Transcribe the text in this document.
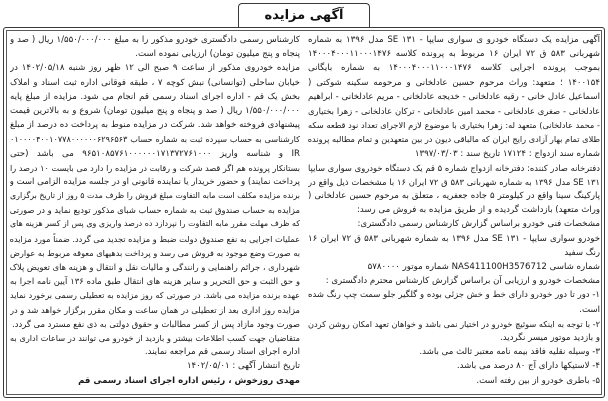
آگهی مزایده
آگهی مزایده یک دستگاه خودرو ی سواری سایپا - SE ۱۳۱ مدل ۱۳۹۶ به شماره
شهربانی ۵۸۳ ق ۷۲ ایران ۱۶ مربوط به پرونده کلاسه ۱۴۰۰۰۴۰۰۰۱۱۰۰۰۱۴۷۶
بموجب پرونده اجرایی کلاسه ۱۴۰۰۰۴۰۰۰۱۱۰۰۰۱۴۷۶ به شماره بایگانی
۱۴۰۰۱۵۴ ؛ متعهد: وراث مرحوم حسین عادلخانی و مرحومه سکینه شوکتی (
اسماعیل عادل خانی - رقیه عادلخانی - خدیجه عادلخانی - مریم عادلخانی - ابراهیم
عادلخانی - صغری عادلخانی - محمد امین عادلخانی - ترکان عادلخانی - زهرا بختیاری
- محمد عادلخانی) متعهد له: زهرا بختیاری با موضوع لازم الاجرای تعداد نود قطعه سکه
طلای تمام بهار آزادی رایج ایران که مالباقی دیون در بین متعهدین و تمام مطالبه پرونده
شماره سند ازدواج : ۱۷۱۲۴ تاریخ سند : ۱۳۹۷/۰۳/۰۳
دفترخانه صادر کننده: دفترخانه ازدواج شماره ۵ قم یک دستگاه خودروی سواری سایپا
SE ۱۳۱ مدل ۱۳۹۶ به شماره شهربانی ۵۸۳ ق ۷۲ ایران ۱۶ با مشخصات ذیل واقع در
پارکینگ سینا واقع در کیلومتر ۵ جاده جعفریه ، متعلق به مرحوم حسین عادلخانی (
وراث متعهد) بازداشت گردیده و از طریق مزایده به فروش می رسد:
مشخصات فنی خودرو براساس گزارش کارشناس رسمی دادگستری:
خودرو سواری سایپا - SE ۱۳۱ مدل ۱۳۹۶ به شماره شهربانی ۵۸۳ ق ۷۲ ایران ۱۶
رنگ سفید
شماره شاسی NAS411100H3576712 شماره موتور ۵۷۸۰۰۰۰
مشخصات خودرو و ارزیابی آن براساس گزارش کارشناس محترم دادگستری :
۱- دور تا دور خودرو دارای خط و خش جزئی بوده و گلگیر جلو سمت چپ رنگ شده
است.
۲- با توجه به اینکه سوئیچ خودرو در اختیار نمی باشد و خواهان تعهد امکان روشن کردن
و بازدید موتور میسر نگردید.
۳- وسیله نقلیه فاقد بیمه نامه معتبر ثالث می باشد.
۴- لاستیکها دارای آج ۸۰ درصد می باشد.
۵- باطری خودرو از بین رفته است.
کارشناس رسمی دادگستری خودرو مذکور را به مبلغ ۱/۵۵۰/۰۰۰/۰۰۰ ریال ( صد و
پنجاه و پنج میلیون تومان) ارزیابی نموده است.
مزایده خودروی مذکور از ساعت ۹ صبح الی ۱۲ ظهر روز شنبه ۱۴۰۲/۰۵/۱۸ در
خیابان ساحلی (توانسانی) نبش کوچه ۷ ، طبقه فوقانی اداره ثبت اسناد و املاک
بخش یک قم - اداره اجرای اسناد رسمی قم انجام می شود. مزایده از مبلغ پایه
۱/۵۵۰/۰۰۰/۰۰۰ ریال ( صد و پنجاه و پنج میلیون تومان) شروع و به بالاترین قیمت
پیشنهادی فروخته خواهد شد. شرکت در مزایده منوط به پرداخت ده درصد از مبلغ
کارشناسی به حساب سپرده ثبت به شماره حساب ۰۱۰۰۰۰۴۰۰۱۰۷۷۸۰۰۰۰۰۰۶۲۹۶۵۶۳
IR و شناسه واریز ۹۶۵۱۰۸۵۷۶۱۰۰۰۰۰۰۱۷۱۳۷۲۷۶۱۰۰۰ می باشد (حتی
بستانکار پرونده هم اگر قصد شرکت و رقابت در مزایده را دارد می بایست ۱۰ درصد را
پرداخت نمایند) و حضور خریدار یا نماینده قانونی او در جلسه مزایده الزامی است و
برنده مزایده مکلف است مابه التفاوت مبلغ فروش را ظرف مدت ۵ روز از تاریخ برگزاری
مزایده به حساب صندوق ثبت به شماره حساب شبای مذکور تودیع نماید و در صورتی
که ظرف مهلت مقرر مابه التفاوت را نپردازد ده درصد واریزی وی پس از کسر هزینه های
عملیات اجرایی به نفع صندوق دولت ضبط و مزایده تجدید می گردد. ضمناً مورد مزایده
به صورت وضع موجود به فروش می رسد و پرداخت بدهیهای معوقه مربوط به عوارض
شهرداری ، جرائم راهنمایی و رانندگی و مالیات نقل و انتقال و هزینه های تعویض پلاک
و حق الثبت و حق التحریر و سایر هزینه های انتقال طبق ماده ۱۳۶ آیین نامه اجرا به
عهده برنده مزایده می باشد. در صورتی که روز مزایده به تعطیلی رسمی برخورد نماید
مزایده روز اداری بعد از تعطیلی در همان ساعت و مکان مقرر برگزار خواهد شد و در
صورت وجود مازاد پس از کسر مطالبات و حقوق دولتی به ذی نفع مسترد می گردد.
متقاضیان جهت کسب اطلاعات بیشتر و بازدید از خودرو می توانند در ساعات اداری به
اداره اجرای اسناد رسمی قم مراجعه نمایند.
تاریخ انتشار آگهی : ۱۴۰۲/۰۵/۰۱
مهدی روزخوش ، رئیس اداره اجرای اسناد رسمی قم
